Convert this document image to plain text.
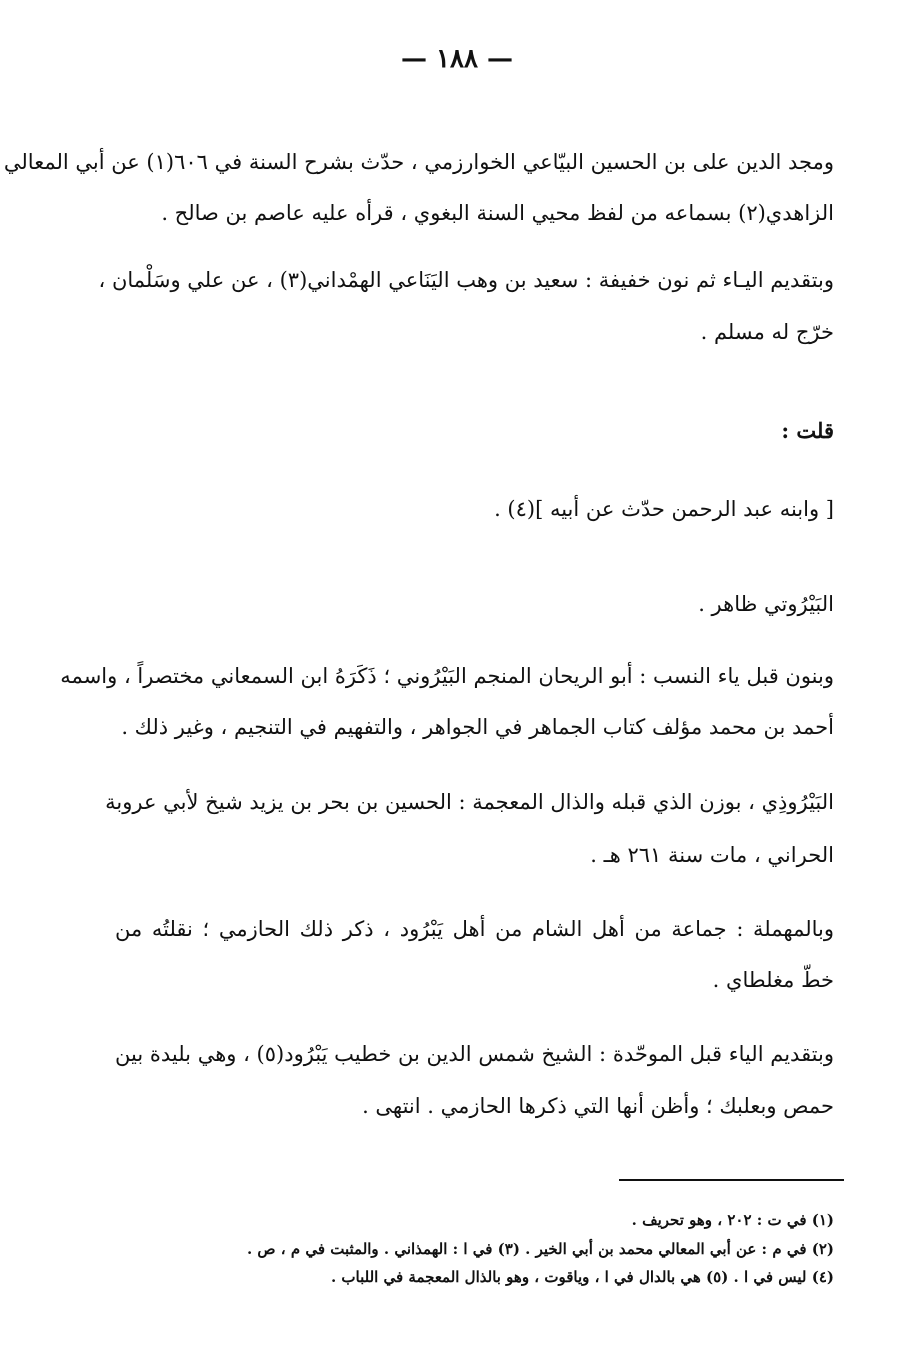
— ١٨٨ —
ومجد الدين على بن الحسين البيّاعي الخوارزمي ، حدّث بشرح السنة في ٦٠٦(١) عن أبي المعالي
الزاهدي(٢) بسماعه من لفظ محيي السنة البغوي ، قرأه عليه عاصم بن صالح .
وبتقديم اليـاء ثم نون خفيفة : سعيد بن وهب اليَنَاعي الهمْداني(٣) ، عن علي وسَلْمان ،
خرّج له مسلم .
قلت :
[ وابنه عبد الرحمن حدّث عن أبيه ](٤) .
البَيْرُوتي ظاهر .
وبنون قبل ياء النسب : أبو الريحان المنجم البَيْرُوني ؛ ذَكَرَهُ ابن السمعاني مختصراً ، واسمه
أحمد بن محمد مؤلف كتاب الجماهر في الجواهر ، والتفهيم في التنجيم ، وغير ذلك .
البَيْرُوذِي ، بوزن الذي قبله والذال المعجمة : الحسين بن بحر بن يزيد شيخ لأبي عروبة
الحراني ، مات سنة ٢٦١ هـ .
وبالمهملة : جماعة من أهل الشام من أهل يَبْرُود ، ذكر ذلك الحازمي ؛ نقلتُه من
خطّ مغلطاي .
وبتقديم الياء قبل الموحّدة : الشيخ شمس الدين بن خطيب يَبْرُود(٥) ، وهي بليدة بين
حمص وبعلبك ؛ وأظن أنها التي ذكرها الحازمي . انتهى .
(١) في ت : ٢٠٢ ، وهو تحريف .
(٢) في م : عن أبي المعالي محمد بن أبي الخير . (٣) في ا : الهمذاني . والمثبت في م ، ص .
(٤) ليس في ا . (٥) هي بالدال في ا ، وياقوت ، وهو بالذال المعجمة في اللباب .
